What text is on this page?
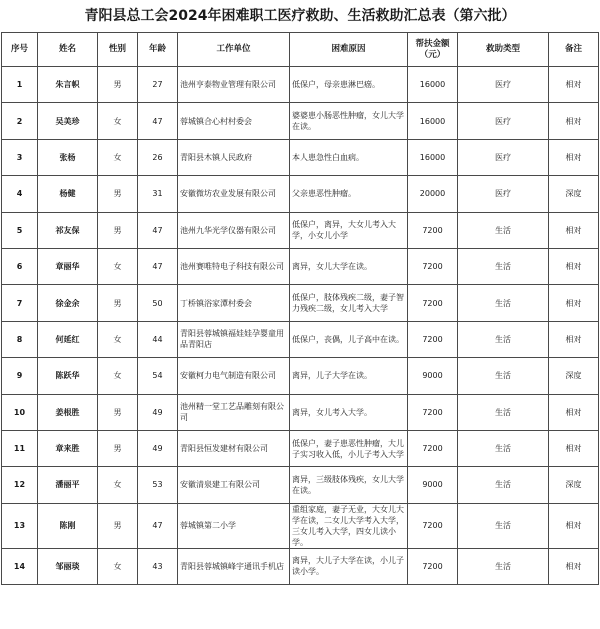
青阳县总工会2024年困难职工医疗救助、生活救助汇总表（第六批）
序号	姓名	性别	年龄	工作单位	困难原因	帮扶金额（元）	救助类型	备注
1	朱言帜	男	27	池州亨泰物业管理有限公司	低保户，母亲患淋巴癌。	16000	医疗	相对
2	吴美珍	女	47	蓉城镇合心村村委会	婆婆患小肠恶性肿瘤，女儿大学在读。	16000	医疗	相对
3	张杨	女	26	青阳县木镇人民政府	本人患急性白血病。	16000	医疗	相对
4	杨健	男	31	安徽微坊农业发展有限公司	父亲患恶性肿瘤。	20000	医疗	深度
5	祁友保	男	47	池州九华光学仪器有限公司	低保户，离异，大女儿考入大学，小女儿小学	7200	生活	相对
6	章丽华	女	47	池州赛唯特电子科技有限公司	离异，女儿大学在读。	7200	生活	相对
7	徐金余	男	50	丁桥镇浴家潭村委会	低保户，肢体残疾二级，妻子智力残疾二级，女儿考入大学	7200	生活	相对
8	何延红	女	44	青阳县蓉城镇福娃娃孕婴童用品青阳店	低保户，丧偶，儿子高中在读。	7200	生活	相对
9	陈跃华	女	54	安徽柯力电气制造有限公司	离异，儿子大学在读。	9000	生活	深度
10	姜根胜	男	49	池州精一堂工艺品雕刻有限公司	离异，女儿考入大学。	7200	生活	相对
11	章来胜	男	49	青阳县恒发建材有限公司	低保户，妻子患恶性肿瘤，大儿子实习收入低，小儿子考入大学	7200	生活	相对
12	潘丽平	女	53	安徽清泉建工有限公司	离异，三级肢体残疾，女儿大学在读。	9000	生活	深度
13	陈刚	男	47	蓉城镇第二小学	重组家庭，妻子无业，大女儿大学在读，二女儿大学考入大学，三女儿考入大学，四女儿读小学。	7200	生活	相对
14	邹丽琰	女	43	青阳县蓉城镇峰宇通讯手机店	离异，大儿子大学在读，小儿子读小学。	7200	生活	相对
